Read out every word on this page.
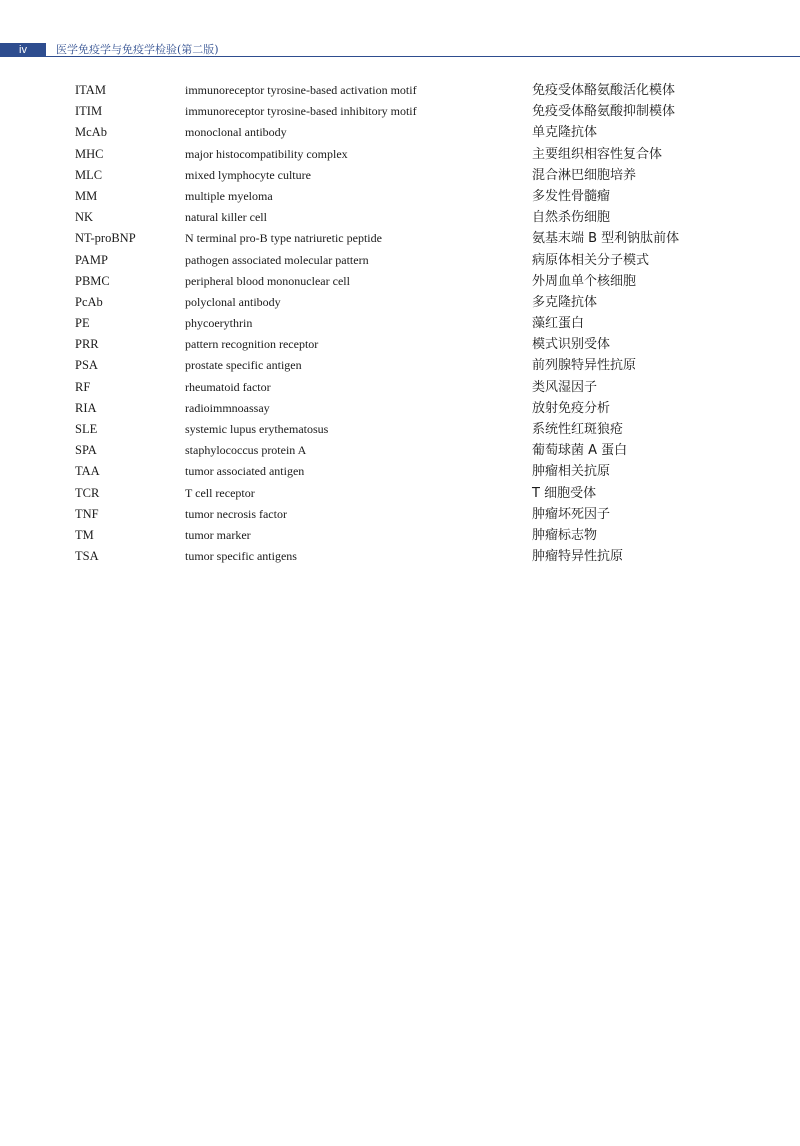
iv	医学免疫学与免疫学检验(第二版)
ITAM	immunoreceptor tyrosine-based activation motif	免疫受体酪氨酸活化模体
ITIM	immunoreceptor tyrosine-based inhibitory motif	免疫受体酪氨酸抑制模体
McAb	monoclonal antibody	单克隆抗体
MHC	major histocompatibility complex	主要组织相容性复合体
MLC	mixed lymphocyte culture	混合淋巴细胞培养
MM	multiple myeloma	多发性骨髓瘤
NK	natural killer cell	自然杀伤细胞
NT-proBNP	N terminal pro-B type natriuretic peptide	氨基末端 B 型利钠肽前体
PAMP	pathogen associated molecular pattern	病原体相关分子模式
PBMC	peripheral blood mononuclear cell	外周血单个核细胞
PcAb	polyclonal antibody	多克隆抗体
PE	phycoerythrin	藻红蛋白
PRR	pattern recognition receptor	模式识别受体
PSA	prostate specific antigen	前列腺特异性抗原
RF	rheumatoid factor	类风湿因子
RIA	radioimmnoassay	放射免疫分析
SLE	systemic lupus erythematosus	系统性红斑狼疮
SPA	staphylococcus protein A	葡萄球菌 A 蛋白
TAA	tumor associated antigen	肿瘤相关抗原
TCR	T cell receptor	T 细胞受体
TNF	tumor necrosis factor	肿瘤坏死因子
TM	tumor marker	肿瘤标志物
TSA	tumor specific antigens	肿瘤特异性抗原
